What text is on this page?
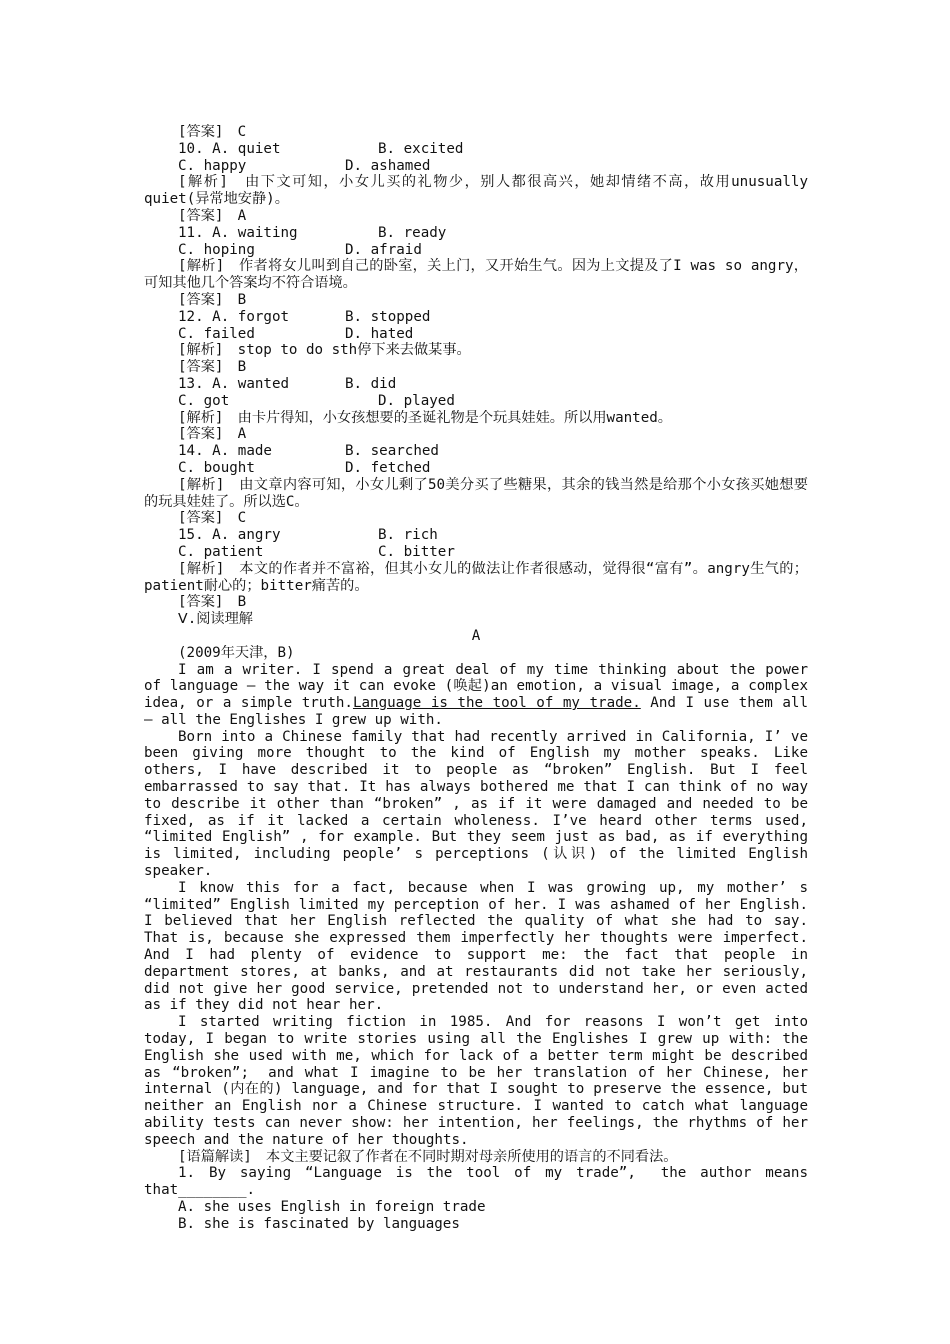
[答案]　C
10. A. quiet	B. excited
C. happy	D. ashamed
[解析]　由下文可知，小女儿买的礼物少，别人都很高兴，她却情绪不高，故用unusually quiet(异常地安静)。
[答案]　A
11. A. waiting	B. ready
C. hoping	D. afraid
[解析]　作者将女儿叫到自己的卧室，关上门，又开始生气。因为上文提及了I was so angry，可知其他几个答案均不符合语境。
[答案]　B
12. A. forgot	B. stopped
C. failed	D. hated
[解析]　stop to do sth停下来去做某事。
[答案]　B
13. A. wanted	B. did
C. got	D. played
[解析]　由卡片得知，小女孩想要的圣诞礼物是个玩具娃娃。所以用wanted。
[答案]　A
14. A. made	B. searched
C. bought	D. fetched
[解析]　由文章内容可知，小女儿剩了50美分买了些糖果，其余的钱当然是给那个小女孩买她想要的玩具娃娃了。所以选C。
[答案]　C
15. A. angry	B. rich
C. patient	C. bitter
[解析]　本文的作者并不富裕，但其小女儿的做法让作者很感动，觉得很“富有”。angry生气的；patient耐心的；bitter痛苦的。
[答案]　B
Ⅴ.阅读理解
A
(2009年天津，B)
I am a writer. I spend a great deal of my time thinking about the power of language — the way it can evoke (唤起)an emotion, a visual image, a complex idea, or a simple truth.Language is the tool of my trade. And I use them all — all the Englishes I grew up with.
Born into a Chinese family that had recently arrived in California, I’ ve been giving more thought to the kind of English my mother speaks. Like others, I have described it to people as “broken” English. But I feel embarrassed to say that. It has always bothered me that I can think of no way to describe it other than “broken” , as if it were damaged and needed to be fixed, as if it lacked a certain wholeness. I’ve heard other terms used, “limited English” , for example. But they seem just as bad, as if everything is limited, including people’ s perceptions (认识) of the limited English speaker.
I know this for a fact, because when I was growing up, my mother’ s “limited” English limited my perception of her. I was ashamed of her English. I believed that her English reflected the quality of what she had to say. That is, because she expressed them imperfectly her thoughts were imperfect. And I had plenty of evidence to support me: the fact that people in department stores, at banks, and at restaurants did not take her seriously, did not give her good service, pretended not to understand her, or even acted as if they did not hear her.
I started writing fiction in 1985. And for reasons I won’t get into today, I began to write stories using all the Englishes I grew up with: the English she used with me, which for lack of a better term might be described as “broken”;　and what I imagine to be her translation of her Chinese, her internal (内在的) language, and for that I sought to preserve the essence, but neither an English nor a Chinese structure. I wanted to catch what language ability tests can never show: her intention, her feelings, the rhythms of her speech and the nature of her thoughts.
[语篇解读]　本文主要记叙了作者在不同时期对母亲所使用的语言的不同看法。
1. By saying “Language is the tool of my trade”,　the author means that________.
A. she uses English in foreign trade
B. she is fascinated by languages
